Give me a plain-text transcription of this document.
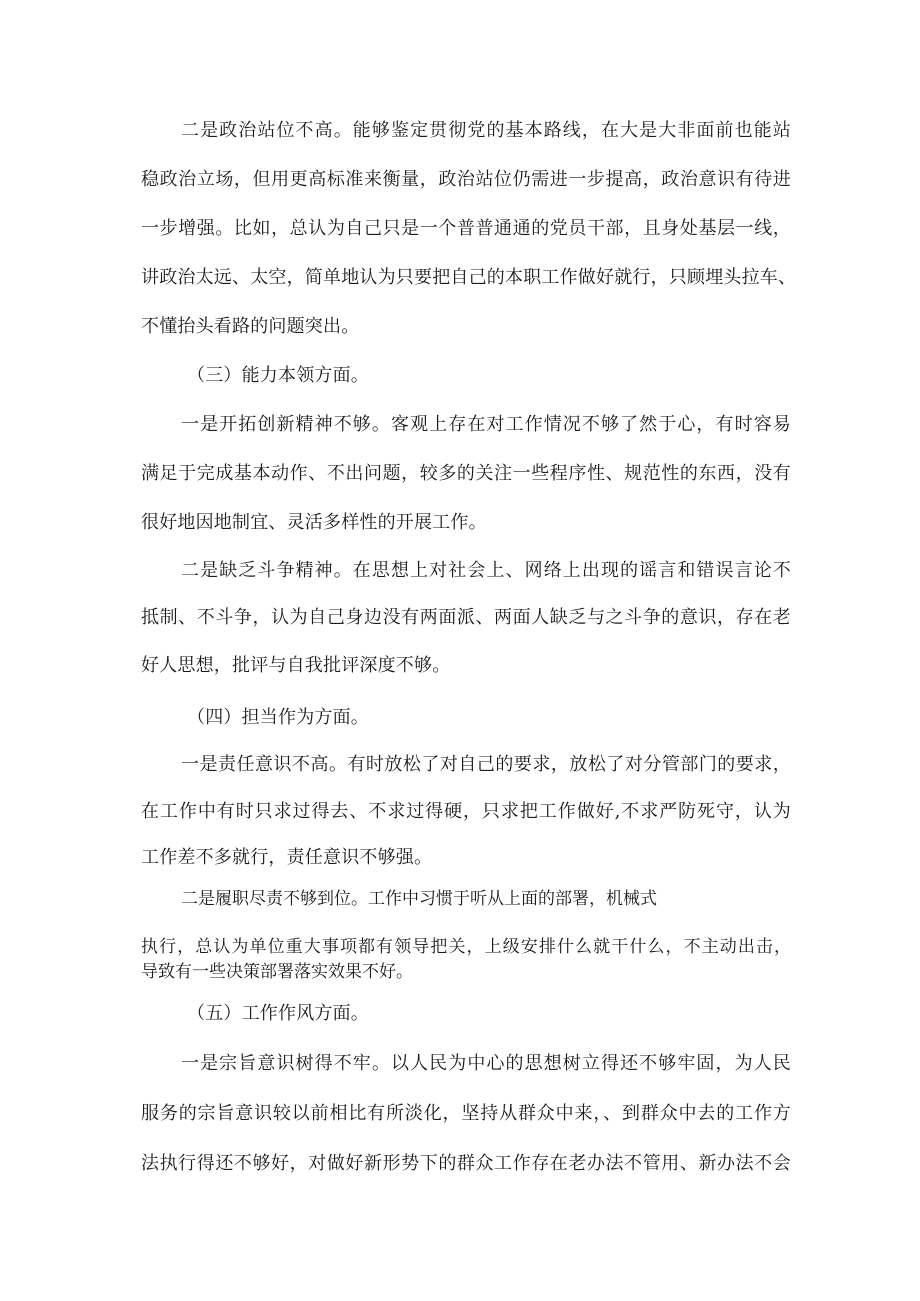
二是政治站位不高。能够鉴定贯彻党的基本路线，在大是大非面前也能站
稳政治立场，但用更高标准来衡量，政治站位仍需进一步提高，政治意识有待进
一步增强。比如，总认为自己只是一个普普通通的党员干部，且身处基层一线，
讲政治太远、太空，简单地认为只要把自己的本职工作做好就行，只顾埋头拉车、
不懂抬头看路的问题突出。
（三）能力本领方面。
一是开拓创新精神不够。客观上存在对工作情况不够了然于心，有时容易
满足于完成基本动作、不出问题，较多的关注一些程序性、规范性的东西，没有
很好地因地制宜、灵活多样性的开展工作。
二是缺乏斗争精神。在思想上对社会上、网络上出现的谣言和错误言论不
抵制、不斗争，认为自己身边没有两面派、两面人缺乏与之斗争的意识，存在老
好人思想，批评与自我批评深度不够。
（四）担当作为方面。
一是责任意识不高。有时放松了对自己的要求，放松了对分管部门的要求，
在工作中有时只求过得去、不求过得硬，只求把工作做好,不求严防死守，认为
工作差不多就行，责任意识不够强。
二是履职尽责不够到位。工作中习惯于听从上面的部署，机械式
执行，总认为单位重大事项都有领导把关，上级安排什么就干什么，不主动出击，
导致有一些决策部署落实效果不好。
（五）工作作风方面。
一是宗旨意识树得不牢。以人民为中心的思想树立得还不够牢固，为人民
服务的宗旨意识较以前相比有所淡化，坚持从群众中来，、到群众中去的工作方
法执行得还不够好，对做好新形势下的群众工作存在老办法不管用、新办法不会
